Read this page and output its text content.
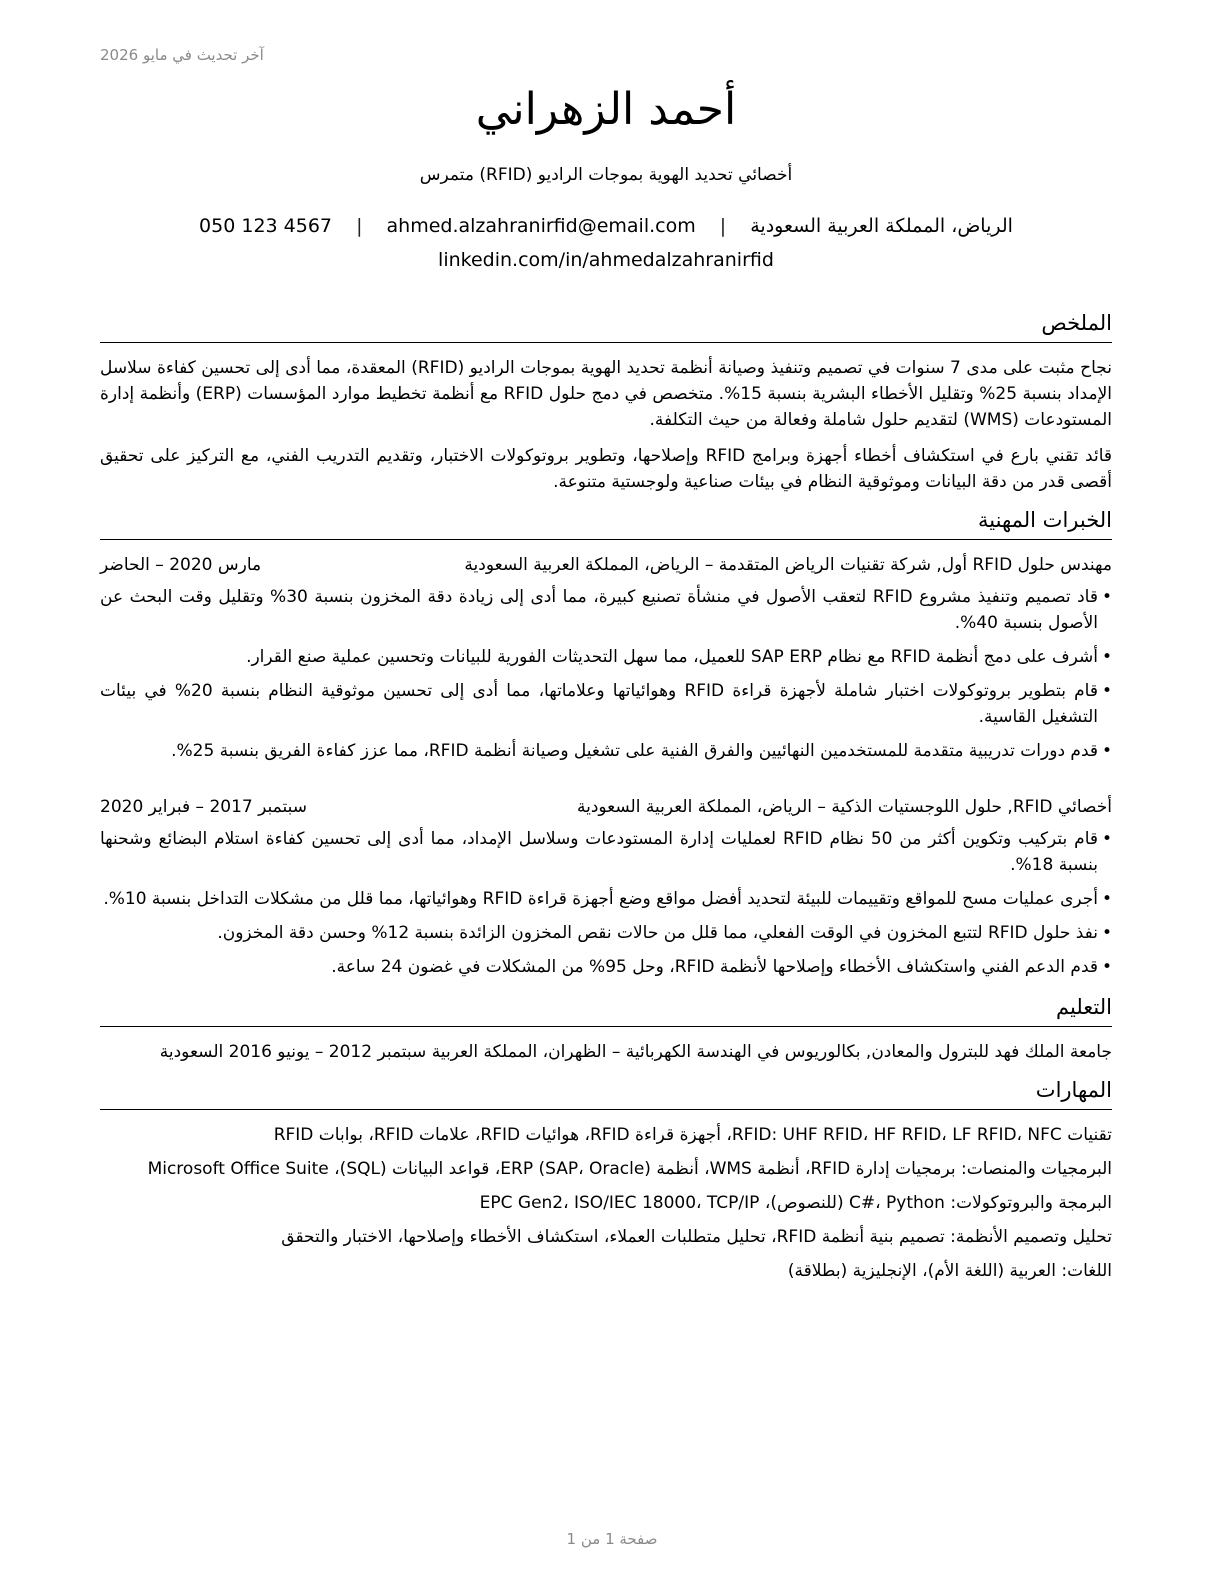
آخر تحديث في مايو 2026
أحمد الزهراني
أخصائي تحديد الهوية بموجات الراديو (RFID) متمرس
الرياض، المملكة العربية السعودية | ahmed.alzahranirfid@email.com | 050 123 4567
linkedin.com/in/ahmedalzahranirfid
الملخص

نجاح مثبت على مدى 7 سنوات في تصميم وتنفيذ وصيانة أنظمة تحديد الهوية بموجات الراديو (RFID) المعقدة، مما أدى إلى تحسين كفاءة سلاسل الإمداد بنسبة 25% وتقليل الأخطاء البشرية بنسبة 15%. متخصص في دمج حلول RFID مع أنظمة تخطيط موارد المؤسسات (ERP) وأنظمة إدارة المستودعات (WMS) لتقديم حلول شاملة وفعالة من حيث التكلفة.

قائد تقني بارع في استكشاف أخطاء أجهزة وبرامج RFID وإصلاحها، وتطوير بروتوكولات الاختبار، وتقديم التدريب الفني، مع التركيز على تحقيق أقصى قدر من دقة البيانات وموثوقية النظام في بيئات صناعية ولوجستية متنوعة.

الخبرات المهنية
مهندس حلول RFID أول, شركة تقنيات الرياض المتقدمة – الرياض، المملكة العربية السعودية
مارس 2020 – الحاضر
• قاد تصميم وتنفيذ مشروع RFID لتعقب الأصول في منشأة تصنيع كبيرة، مما أدى إلى زيادة دقة المخزون بنسبة 30% وتقليل وقت البحث عن الأصول بنسبة 40%.
• أشرف على دمج أنظمة RFID مع نظام SAP ERP للعميل، مما سهل التحديثات الفورية للبيانات وتحسين عملية صنع القرار.
• قام بتطوير بروتوكولات اختبار شاملة لأجهزة قراءة RFID وهوائياتها وعلاماتها، مما أدى إلى تحسين موثوقية النظام بنسبة 20% في بيئات التشغيل القاسية.
• قدم دورات تدريبية متقدمة للمستخدمين النهائيين والفرق الفنية على تشغيل وصيانة أنظمة RFID، مما عزز كفاءة الفريق بنسبة 25%.
أخصائي RFID, حلول اللوجستيات الذكية – الرياض، المملكة العربية السعودية
سبتمبر 2017 – فبراير 2020
• قام بتركيب وتكوين أكثر من 50 نظام RFID لعمليات إدارة المستودعات وسلاسل الإمداد، مما أدى إلى تحسين كفاءة استلام البضائع وشحنها بنسبة 18%.
• أجرى عمليات مسح للمواقع وتقييمات للبيئة لتحديد أفضل مواقع وضع أجهزة قراءة RFID وهوائياتها، مما قلل من مشكلات التداخل بنسبة 10%.
• نفذ حلول RFID لتتبع المخزون في الوقت الفعلي، مما قلل من حالات نقص المخزون الزائدة بنسبة 12% وحسن دقة المخزون.
• قدم الدعم الفني واستكشاف الأخطاء وإصلاحها لأنظمة RFID، وحل 95% من المشكلات في غضون 24 ساعة.
التعليم

جامعة الملك فهد للبترول والمعادن, بكالوريوس في الهندسة الكهربائية – الظهران، المملكة العربية سبتمبر 2012 – يونيو 2016 السعودية

المهارات

تقنيات RFID: UHF RFID، HF RFID، LF RFID، NFC، أجهزة قراءة RFID، هوائيات RFID، علامات RFID، بوابات RFID

البرمجيات والمنصات: برمجيات إدارة RFID، أنظمة WMS، أنظمة ERP (SAP، Oracle)، قواعد البيانات (SQL)، Microsoft Office Suite

البرمجة والبروتوكولات: C#، Python (للنصوص)، EPC Gen2، ISO/IEC 18000، TCP/IP

تحليل وتصميم الأنظمة: تصميم بنية أنظمة RFID، تحليل متطلبات العملاء، استكشاف الأخطاء وإصلاحها، الاختبار والتحقق

اللغات: العربية (اللغة الأم)، الإنجليزية (بطلاقة)

صفحة 1 من 1
